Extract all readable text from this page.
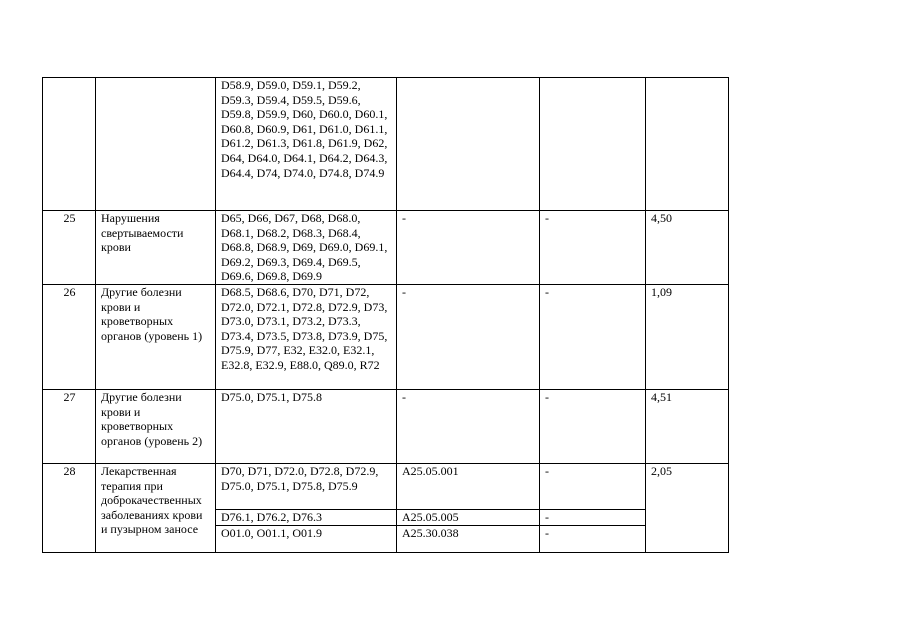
		D58.9, D59.0, D59.1, D59.2, D59.3, D59.4, D59.5, D59.6, D59.8, D59.9, D60, D60.0, D60.1, D60.8, D60.9, D61, D61.0, D61.1, D61.2, D61.3, D61.8, D61.9, D62, D64, D64.0, D64.1, D64.2, D64.3, D64.4, D74, D74.0, D74.8, D74.9			
25	Нарушения свертываемости крови	D65, D66, D67, D68, D68.0, D68.1, D68.2, D68.3, D68.4, D68.8, D68.9, D69, D69.0, D69.1, D69.2, D69.3, D69.4, D69.5, D69.6, D69.8, D69.9	-	-	4,50
26	Другие болезни крови и кроветворных органов (уровень 1)	D68.5, D68.6, D70, D71, D72, D72.0, D72.1, D72.8, D72.9, D73, D73.0, D73.1, D73.2, D73.3, D73.4, D73.5, D73.8, D73.9, D75, D75.9, D77, E32, E32.0, E32.1, E32.8, E32.9, E88.0, Q89.0, R72	-	-	1,09
27	Другие болезни крови и кроветворных органов (уровень 2)	D75.0, D75.1, D75.8	-	-	4,51
28	Лекарственная терапия при доброкачественных заболеваниях крови и пузырном заносе	D70, D71, D72.0, D72.8, D72.9, D75.0, D75.1, D75.8, D75.9	A25.05.001	-	2,05
		D76.1, D76.2, D76.3	A25.05.005	-	
		O01.0, O01.1, O01.9	A25.30.038	-	
